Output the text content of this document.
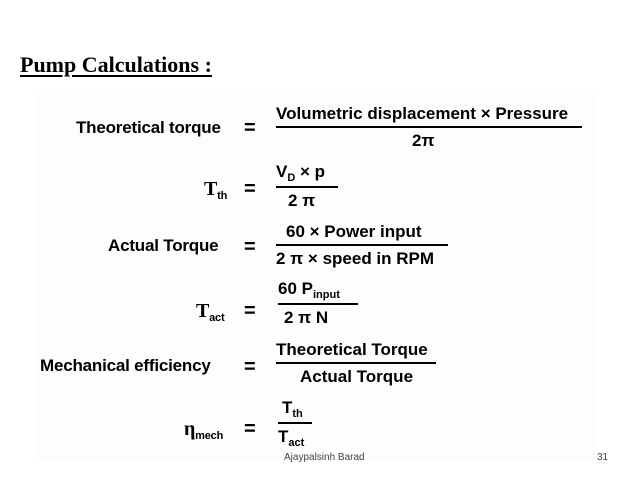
Pump Calculations :
Theoretical torque =
Volumetric displacement × Pressure
2π
$T_{th}$ =
$V_D \times p$
2 π
Actual Torque =
60 × Power input
2 π × speed in RPM
$T_{act}$ =
60 $P_{input}$
2 π N
Mechanical efficiency =
Theoretical Torque
Actual Torque
$\eta_{mech}$ =
$T_{th}$
$T_{act}$
Ajaypalsinh Barad	31
